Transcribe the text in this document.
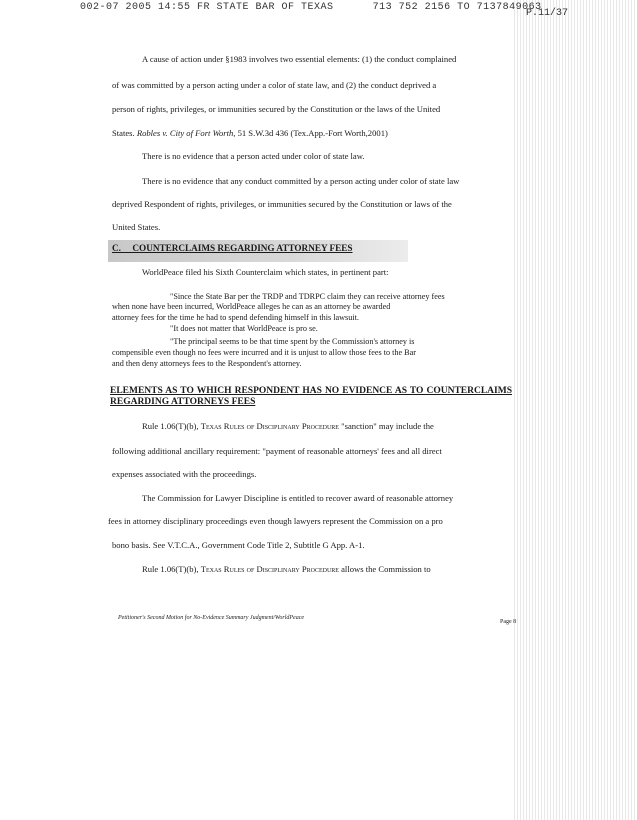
002-07 2005 14:55 FR STATE BAR OF TEXAS	713 752 2156 TO 7137849063
P.11/37
A cause of action under §1983 involves two essential elements: (1) the conduct complained
of was committed by a person acting under a color of state law, and (2) the conduct deprived a
person of rights, privileges, or immunities secured by the Constitution or the laws of the United
States. Robles v. City of Fort Worth, 51 S.W.3d 436 (Tex.App.-Fort Worth,2001)
There is no evidence that a person acted under color of state law.
There is no evidence that any conduct committed by a person acting under color of state law
deprived Respondent of rights, privileges, or immunities secured by the Constitution or laws of the
United States.
C.     COUNTERCLAIMS REGARDING ATTORNEY FEES
WorldPeace filed his Sixth Counterclaim which states, in pertinent part:
"Since the State Bar per the TRDP and TDRPC claim they can receive attorney fees
when none have been incurred, WorldPeace alleges he can as an attorney be awarded
attorney fees for the time he had to spend defending himself in this lawsuit.
"It does not matter that WorldPeace is pro se.
"The principal seems to be that time spent by the Commission's attorney is
compensible even though no fees were incurred and it is unjust to allow those fees to the Bar
and then deny attorneys fees to the Respondent's attorney.
ELEMENTS AS TO WHICH RESPONDENT HAS NO EVIDENCE AS TO COUNTERCLAIMS REGARDING ATTORNEYS FEES
Rule 1.06(T)(b), Texas Rules of Disciplinary Procedure "sanction" may include the
following additional ancillary requirement: "payment of reasonable attorneys' fees and all direct
expenses associated with the proceedings.
The Commission for Lawyer Discipline is entitled to recover award of reasonable attorney
fees in attorney disciplinary proceedings even though lawyers represent the Commission on a pro
bono basis. See V.T.C.A., Government Code Title 2, Subtitle G App. A-1.
Rule 1.06(T)(b), Texas Rules of Disciplinary Procedure allows the Commission to
Petitioner's Second Motion for No-Evidence Summary Judgment/WorldPeace
Page 8
